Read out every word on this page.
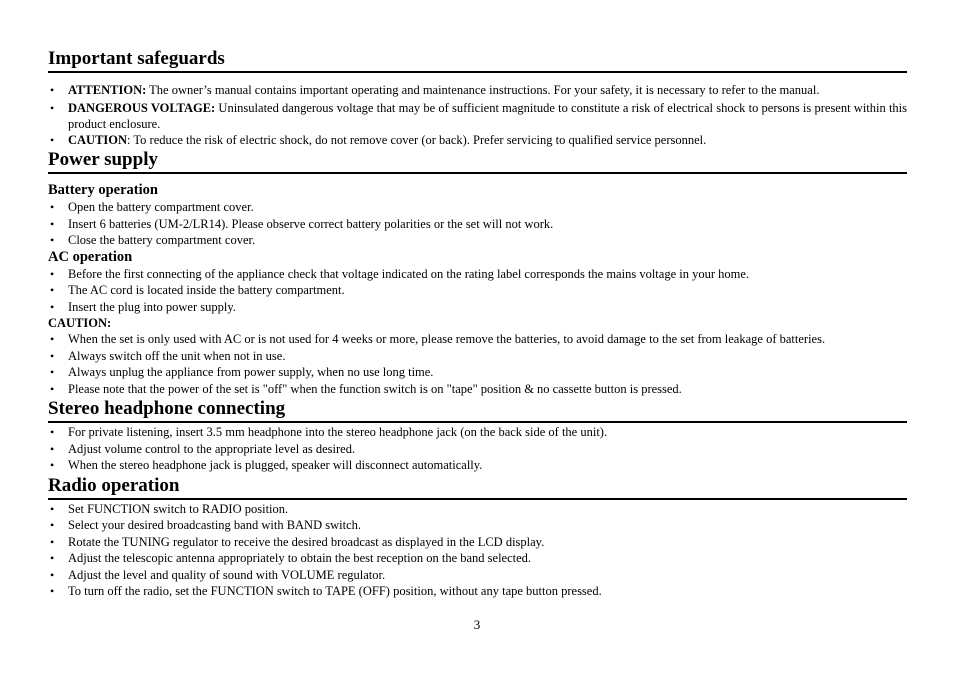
Important safeguards
• ATTENTION: The owner’s manual contains important operating and maintenance instructions. For your safety, it is necessary to refer to the manual.
• DANGEROUS VOLTAGE: Uninsulated dangerous voltage that may be of sufficient magnitude to constitute a risk of electrical shock to persons is present within this product enclosure.
• CAUTION: To reduce the risk of electric shock, do not remove cover (or back). Prefer servicing to qualified service personnel.
Power supply
Battery operation
• Open the battery compartment cover.
• Insert 6 batteries (UM-2/LR14). Please observe correct battery polarities or the set will not work.
• Close the battery compartment cover.
AC operation
• Before the first connecting of the appliance check that voltage indicated on the rating label corresponds the mains voltage in your home.
• The AC cord is located inside the battery compartment.
• Insert the plug into power supply.
CAUTION:
• When the set is only used with AC or is not used for 4 weeks or more, please remove the batteries, to avoid damage to the set from leakage of batteries.
• Always switch off the unit when not in use.
• Always unplug the appliance from power supply, when no use long time.
• Please note that the power of the set is "off" when the function switch is on "tape" position & no cassette button is pressed.
Stereo headphone connecting
• For private listening, insert 3.5 mm headphone into the stereo headphone jack (on the back side of the unit).
• Adjust volume control to the appropriate level as desired.
• When the stereo headphone jack is plugged, speaker will disconnect automatically.
Radio operation
• Set FUNCTION switch to RADIO position.
• Select your desired broadcasting band with BAND switch.
• Rotate the TUNING regulator to receive the desired broadcast as displayed in the LCD display.
• Adjust the telescopic antenna appropriately to obtain the best reception on the band selected.
• Adjust the level and quality of sound with VOLUME regulator.
• To turn off the radio, set the FUNCTION switch to TAPE (OFF) position, without any tape button pressed.
3
